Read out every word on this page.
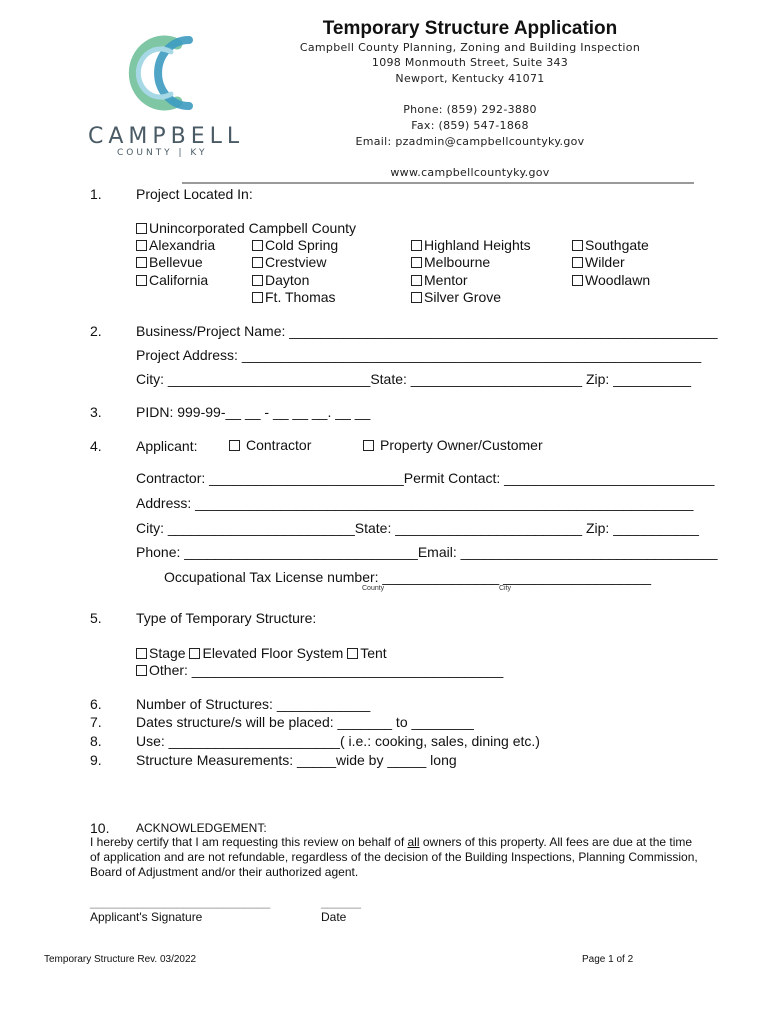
CAMPBELL
COUNTY | KY
Temporary Structure Application
Campbell County Planning, Zoning and Building Inspection
1098 Monmouth Street, Suite 343
Newport, Kentucky 41071
Phone: (859) 292-3880
Fax: (859) 547-1868
Email: pzadmin@campbellcountyky.gov
www.campbellcountyky.gov
1. Project Located In:
Unincorporated Campbell County
Alexandria
Bellevue
California
Cold Spring
Crestview
Dayton
Ft. Thomas
Highland Heights
Melbourne
Mentor
Silver Grove
Southgate
Wilder
Woodlawn
2. Business/Project Name: _______________________________________________________
Project Address: ___________________________________________________________
City: __________________________State: ______________________ Zip: __________
3. PIDN: 999-99-__ __ - __ __ __. __ __
4. Applicant:	Contractor	Property Owner/Customer
Contractor: _________________________Permit Contact: ___________________________
Address: ________________________________________________________________
City: ________________________State: ________________________ Zip: ___________
Phone: ______________________________Email: _________________________________
Occupational Tax License number: _______________ ___________________
County	City
5. Type of Temporary Structure:
Stage Elevated Floor System Tent
Other: ________________________________________
6. Number of Structures: ____________
7. Dates structure/s will be placed: _______ to ________
8. Use: ______________________( i.e.: cooking, sales, dining etc.)
9. Structure Measurements: _____wide by _____ long
10. ACKNOWLEDGEMENT:
I hereby certify that I am requesting this review on behalf of all owners of this property. All fees are due at the time
of application and are not refundable, regardless of the decision of the Building Inspections, Planning Commission,
Board of Adjustment and/or their authorized agent.
___________________________
Applicant's Signature
______
Date
Temporary Structure Rev. 03/2022	Page 1 of 2
